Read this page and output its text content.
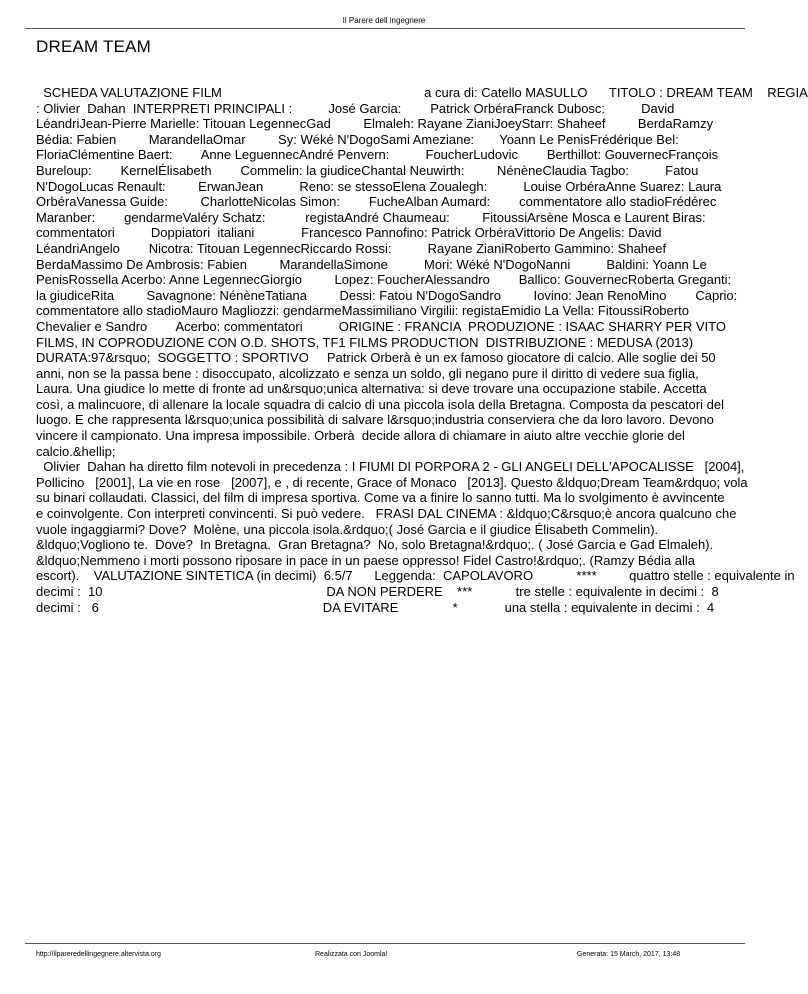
Il Parere dell ingegnere
DREAM TEAM
SCHEDA VALUTAZIONE FILM                                                        a cura di: Catello MASULLO      TITOLO : DREAM TEAM    REGIA
: Olivier  Dahan  INTERPRETI PRINCIPALI :          José Garcia:        Patrick OrbéraFranck Dubosc:          David
LéandriJean-Pierre Marielle: Titouan LegennecGad         Elmaleh: Rayane ZianiJoeyStarr: Shaheef         BerdaRamzy
Bédia: Fabien         MarandellaOmar         Sy: Wéké N'DogoSami Ameziane:       Yoann Le PenisFrédérique Bel:
FloriaClémentine Baert:        Anne LeguennecAndré Penvern:          FoucherLudovic        Berthillot: GouvernecFrançois
Bureloup:        KernelÉlisabeth        Commelin: la giudiceChantal Neuwirth:         NénèneClaudia Tagbo:          Fatou
N'DogoLucas Renault:         ErwanJean          Reno: se stessoElena Zoualegh:          Louise OrbéraAnne Suarez: Laura
OrbéraVanessa Guide:         CharlotteNicolas Simon:        FucheAlban Aumard:        commentatore allo stadioFrédérec
Maranber:        gendarmeValéry Schatz:           registaAndré Chaumeau:         FitoussiArsène Mosca e Laurent Biras:
commentatori          Doppiatori  italiani             Francesco Pannofino: Patrick OrbéraVittorio De Angelis: David
LéandriAngelo        Nicotra: Titouan LegennecRiccardo Rossi:          Rayane ZianiRoberto Gammino: Shaheef
BerdaMassimo De Ambrosis: Fabien         MarandellaSimone          Mori: Wéké N'DogoNanni          Baldini: Yoann Le
PenisRossella Acerbo: Anne LegennecGiorgio         Lopez: FoucherAlessandro        Ballico: GouvernecRoberta Greganti:
la giudiceRita         Savagnone: NénèneTatiana         Dessi: Fatou N'DogoSandro         Iovino: Jean RenoMino        Caprio:
commentatore allo stadioMauro Magliozzi: gendarmeMassimiliano Virgilii: registaEmidio La Vella: FitoussiRoberto
Chevalier e Sandro        Acerbo: commentatori          ORIGINE : FRANCIA  PRODUZIONE : ISAAC SHARRY PER VITO
FILMS, IN COPRODUZIONE CON O.D. SHOTS, TF1 FILMS PRODUCTION  DISTRIBUZIONE : MEDUSA (2013)
DURATA:97&rsquo;  SOGGETTO : SPORTIVO     Patrick Orberà è un ex famoso giocatore di calcio. Alle soglie dei 50
anni, non se la passa bene : disoccupato, alcolizzato e senza un soldo, gli negano pure il diritto di vedere sua figlia,
Laura. Una giudice lo mette di fronte ad un&rsquo;unica alternativa: si deve trovare una occupazione stabile. Accetta
così, a malincuore, di allenare la locale squadra di calcio di una piccola isola della Bretagna. Composta da pescatori del
luogo. E che rappresenta l&rsquo;unica possibilità di salvare l&rsquo;industria conserviera che da loro lavoro. Devono
vincere il campionato. Una impresa impossibile. Orberà  decide allora di chiamare in aiuto altre vecchie glorie del
calcio.&hellip;
Olivier  Dahan ha diretto film notevoli in precedenza : I FIUMI DI PORPORA 2 - GLI ANGELI DELL'APOCALISSE   [2004],
Pollicino   [2001], La vie en rose   [2007], e , di recente, Grace of Monaco   [2013]. Questo &ldquo;Dream Team&rdquo; vola
su binari collaudati. Classici, del film di impresa sportiva. Come va a finire lo sanno tutti. Ma lo svolgimento è avvincente
e coinvolgente. Con interpreti convincenti. Si può vedere.   FRASI DAL CINEMA : &ldquo;C&rsquo;è ancora qualcuno che
vuole ingaggiarmi? Dove?  Molène, una piccola isola.&rdquo;( José Garcia e il giudice Élisabeth Commelin).
&ldquo;Vogliono te.  Dove?  In Bretagna.  Gran Bretagna?  No, solo Bretagna!&rdquo;. ( José Garcia e Gad Elmaleh).
&ldquo;Nemmeno i morti possono riposare in pace in un paese oppresso! Fidel Castro!&rdquo;. (Ramzy Bédia alla
escort).    VALUTAZIONE SINTETICA (in decimi)  6.5/7      Leggenda:  CAPOLAVORO            ****         quattro stelle : equivalente in
decimi :  10                                                              DA NON PERDERE    ***            tre stelle : equivalente in decimi :  8
decimi :   6                                                              DA EVITARE               *             una stella : equivalente in decimi :  4
http://ilpareredellingegnere.altervista.org	Realizzata con Joomla!	Generata: 15 March, 2017, 13:48
